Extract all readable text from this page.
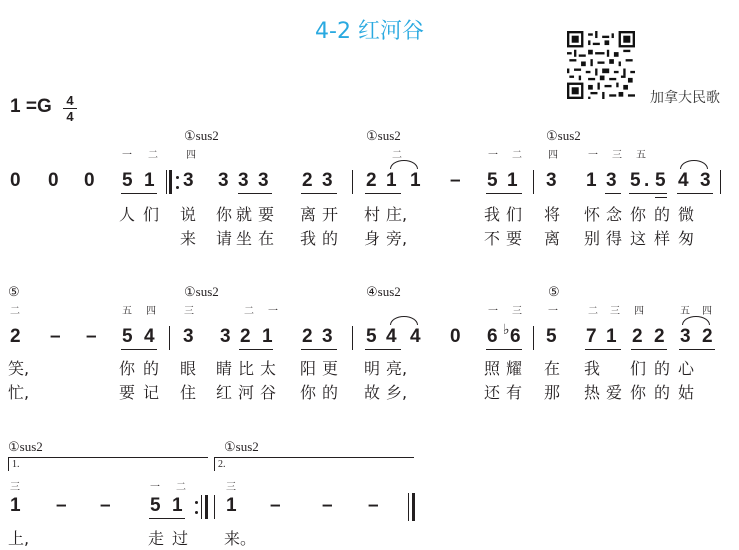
4-2 红河谷
加拿大民歌
1 =G 4
4
①sus2	①sus2	①sus2
一 二	四	二	一 二	四	一 三 五
0 0 0 5 1 3 3 3 3 2 3 2 1 1 – 5 1 3 1 3 5 . 5 4 3
人 们 说 你 就 要 离 开 村 庄,	我 们 将 怀 念 你 的 微
来 请 坐 在 我 的 身 旁,	不 要 离 别 得 这 样 匆
⑤	①sus2	④sus2	⑤
二	五 四	三	二 一	一 三	一	二 三 四	五 四
2 – – 5 4 3 3 2 1 2 3 5 4 4 0 6 ♭ 6 5 7 1 2 2 3 2
笑,	你 的 眼 睛 比 太 阳 更 明 亮,	照 耀 在 我 们 的 心
忙,	要 记 住 红 河 谷 你 的 故 乡,	还 有 那 热 爱 你 的 姑
①sus2	①sus2
1.	2.
三	一 二	三
1 – – 5 1 1 – – –
上,	走 过 来。
